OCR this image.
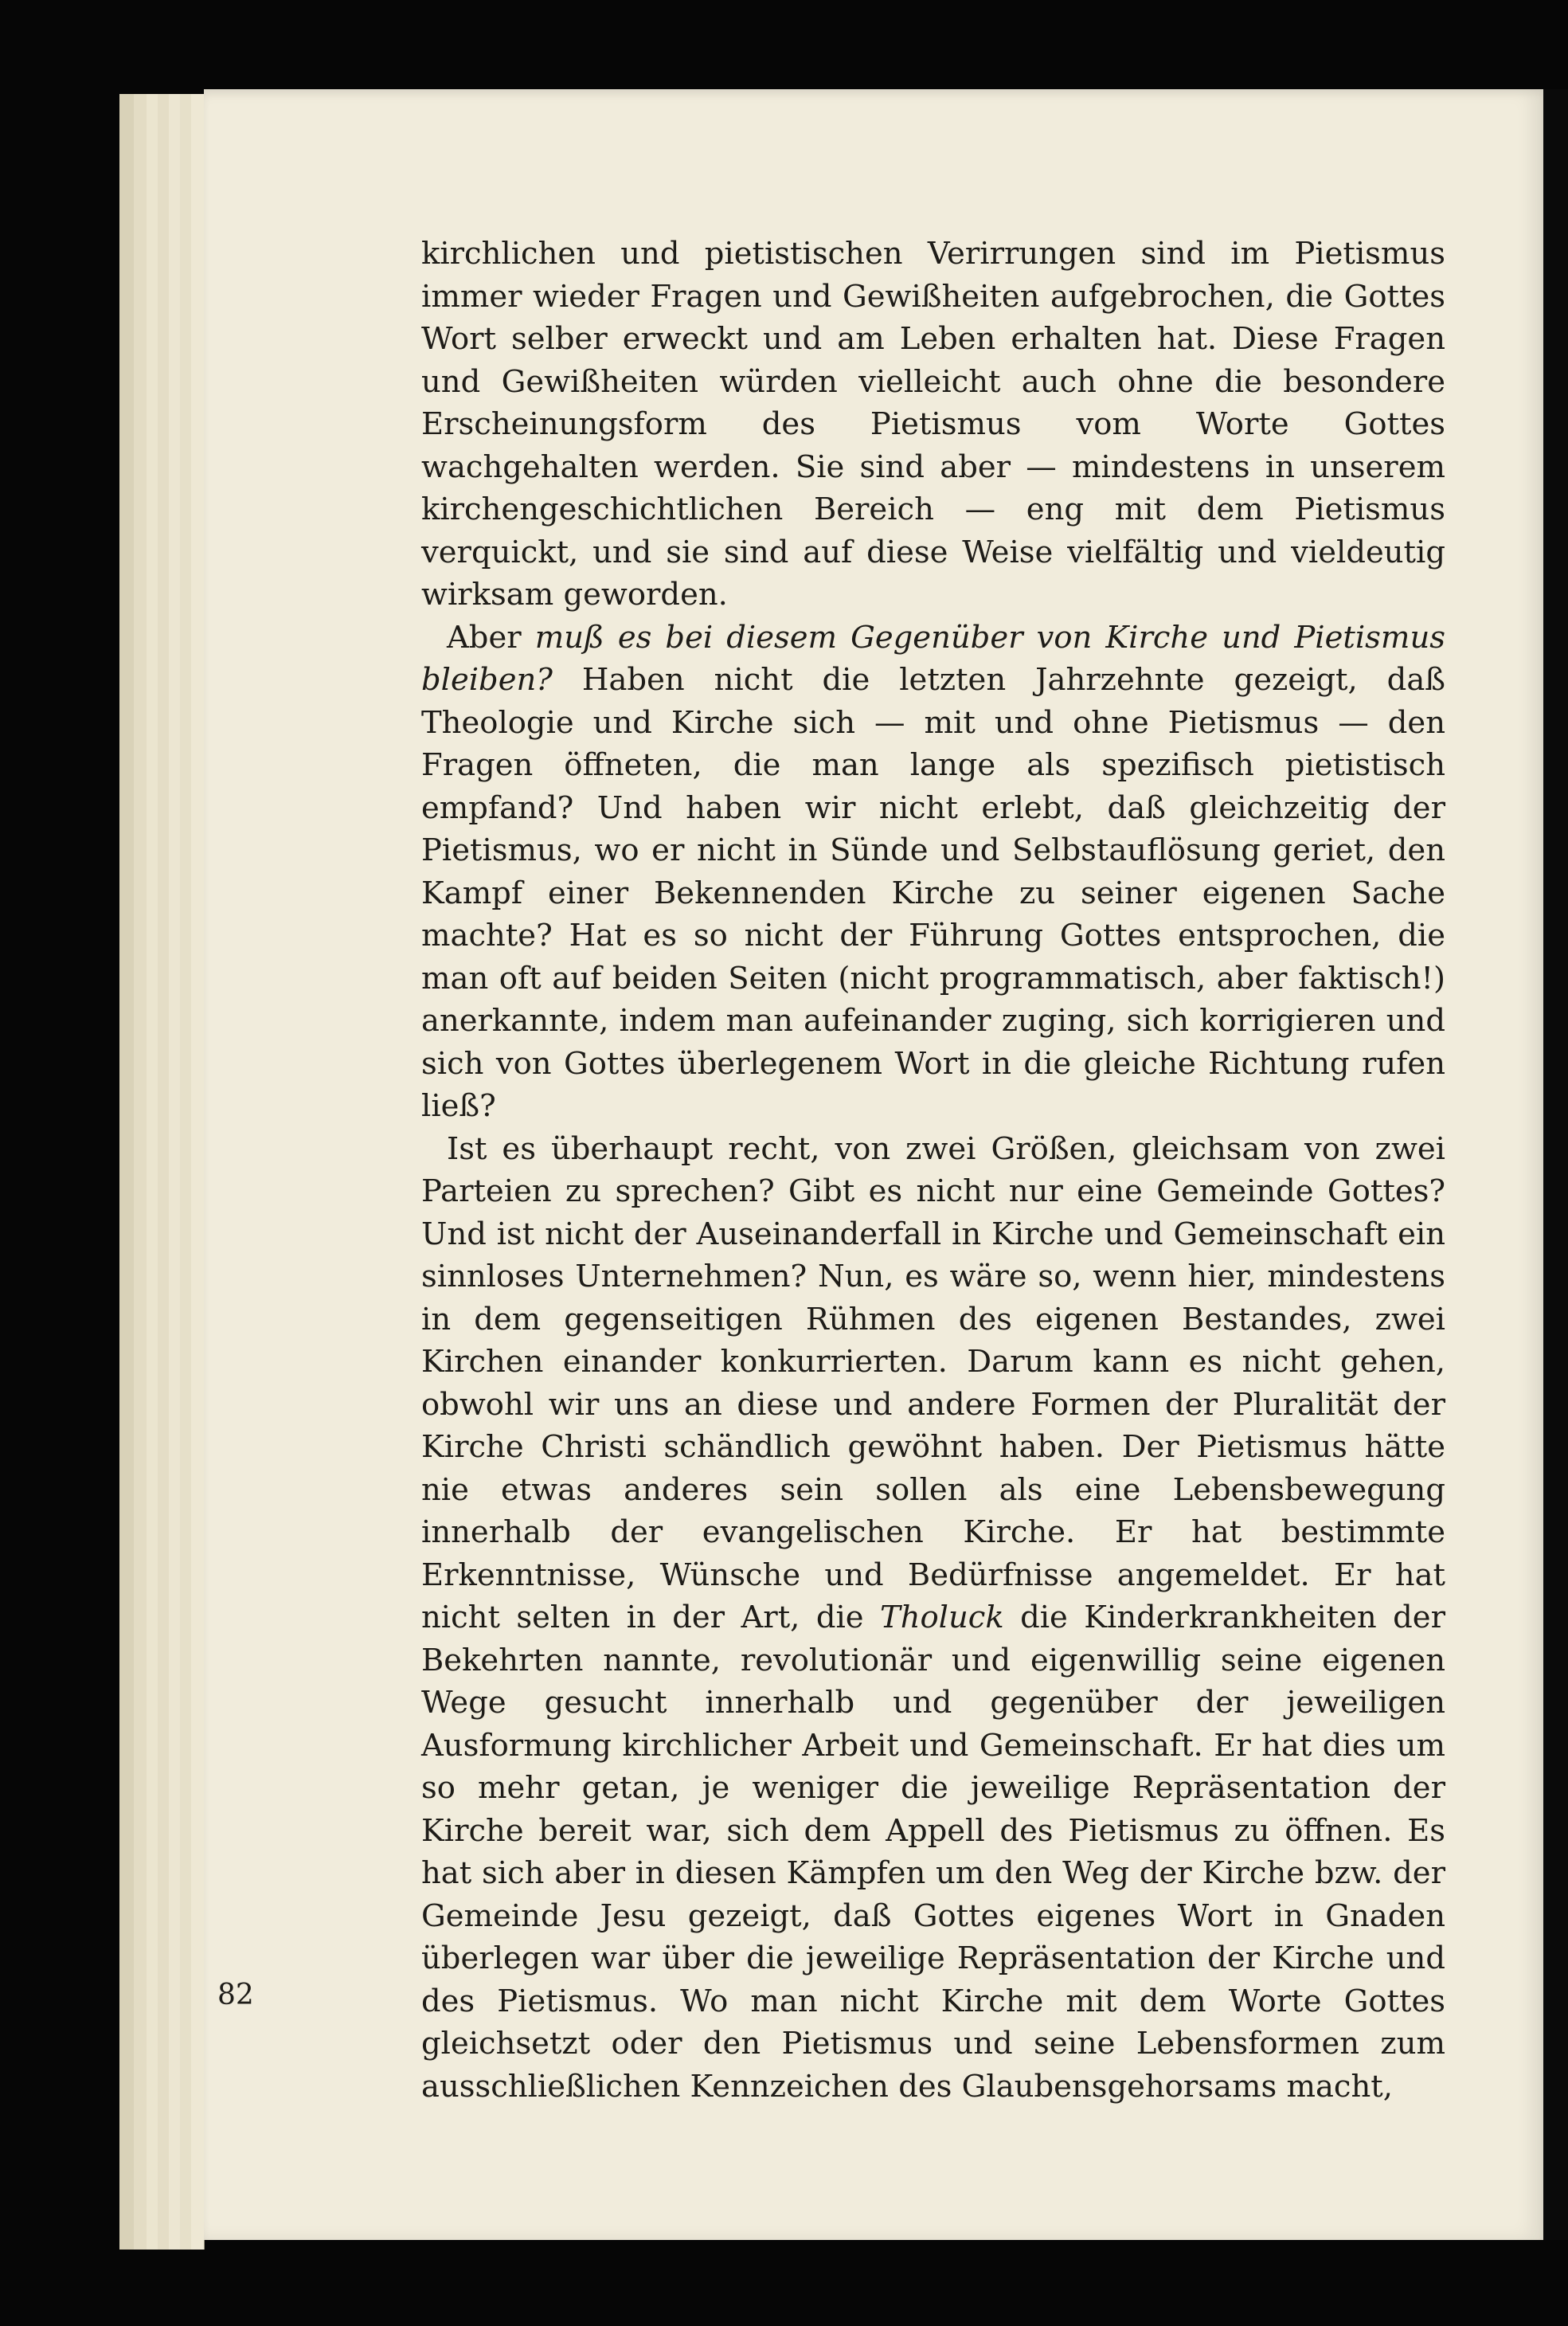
kirchlichen und pietistischen Verirrungen sind im Pietismus immer wieder Fragen und Gewißheiten aufgebrochen, die Gottes Wort selber erweckt und am Leben erhalten hat. Diese Fragen und Gewißheiten würden vielleicht auch ohne die besondere Erscheinungsform des Pietismus vom Worte Gottes wachgehalten werden. Sie sind aber — mindestens in unserem kirchengeschichtlichen Bereich — eng mit dem Pietismus verquickt, und sie sind auf diese Weise vielfältig und vieldeutig wirksam geworden.

Aber muß es bei diesem Gegenüber von Kirche und Pietismus bleiben? Haben nicht die letzten Jahrzehnte gezeigt, daß Theologie und Kirche sich — mit und ohne Pietismus — den Fragen öffneten, die man lange als spezifisch pietistisch empfand? Und haben wir nicht erlebt, daß gleichzeitig der Pietismus, wo er nicht in Sünde und Selbstauflösung geriet, den Kampf einer Bekennenden Kirche zu seiner eigenen Sache machte? Hat es so nicht der Führung Gottes entsprochen, die man oft auf beiden Seiten (nicht programmatisch, aber faktisch!) anerkannte, indem man aufeinander zuging, sich korrigieren und sich von Gottes überlegenem Wort in die gleiche Richtung rufen ließ?

Ist es überhaupt recht, von zwei Größen, gleichsam von zwei Parteien zu sprechen? Gibt es nicht nur eine Gemeinde Gottes? Und ist nicht der Auseinanderfall in Kirche und Gemeinschaft ein sinnloses Unternehmen? Nun, es wäre so, wenn hier, mindestens in dem gegenseitigen Rühmen des eigenen Bestandes, zwei Kirchen einander konkurrierten. Darum kann es nicht gehen, obwohl wir uns an diese und andere Formen der Pluralität der Kirche Christi schändlich gewöhnt haben. Der Pietismus hätte nie etwas anderes sein sollen als eine Lebensbewegung innerhalb der evangelischen Kirche. Er hat bestimmte Erkenntnisse, Wünsche und Bedürfnisse angemeldet. Er hat nicht selten in der Art, die Tholuck die Kinderkrankheiten der Bekehrten nannte, revolutionär und eigenwillig seine eigenen Wege gesucht innerhalb und gegenüber der jeweiligen Ausformung kirchlicher Arbeit und Gemeinschaft. Er hat dies um so mehr getan, je weniger die jeweilige Repräsentation der Kirche bereit war, sich dem Appell des Pietismus zu öffnen. Es hat sich aber in diesen Kämpfen um den Weg der Kirche bzw. der Gemeinde Jesu gezeigt, daß Gottes eigenes Wort in Gnaden überlegen war über die jeweilige Repräsentation der Kirche und des Pietismus. Wo man nicht Kirche mit dem Worte Gottes gleichsetzt oder den Pietismus und seine Lebensformen zum ausschließlichen Kennzeichen des Glaubensgehorsams macht,

82
